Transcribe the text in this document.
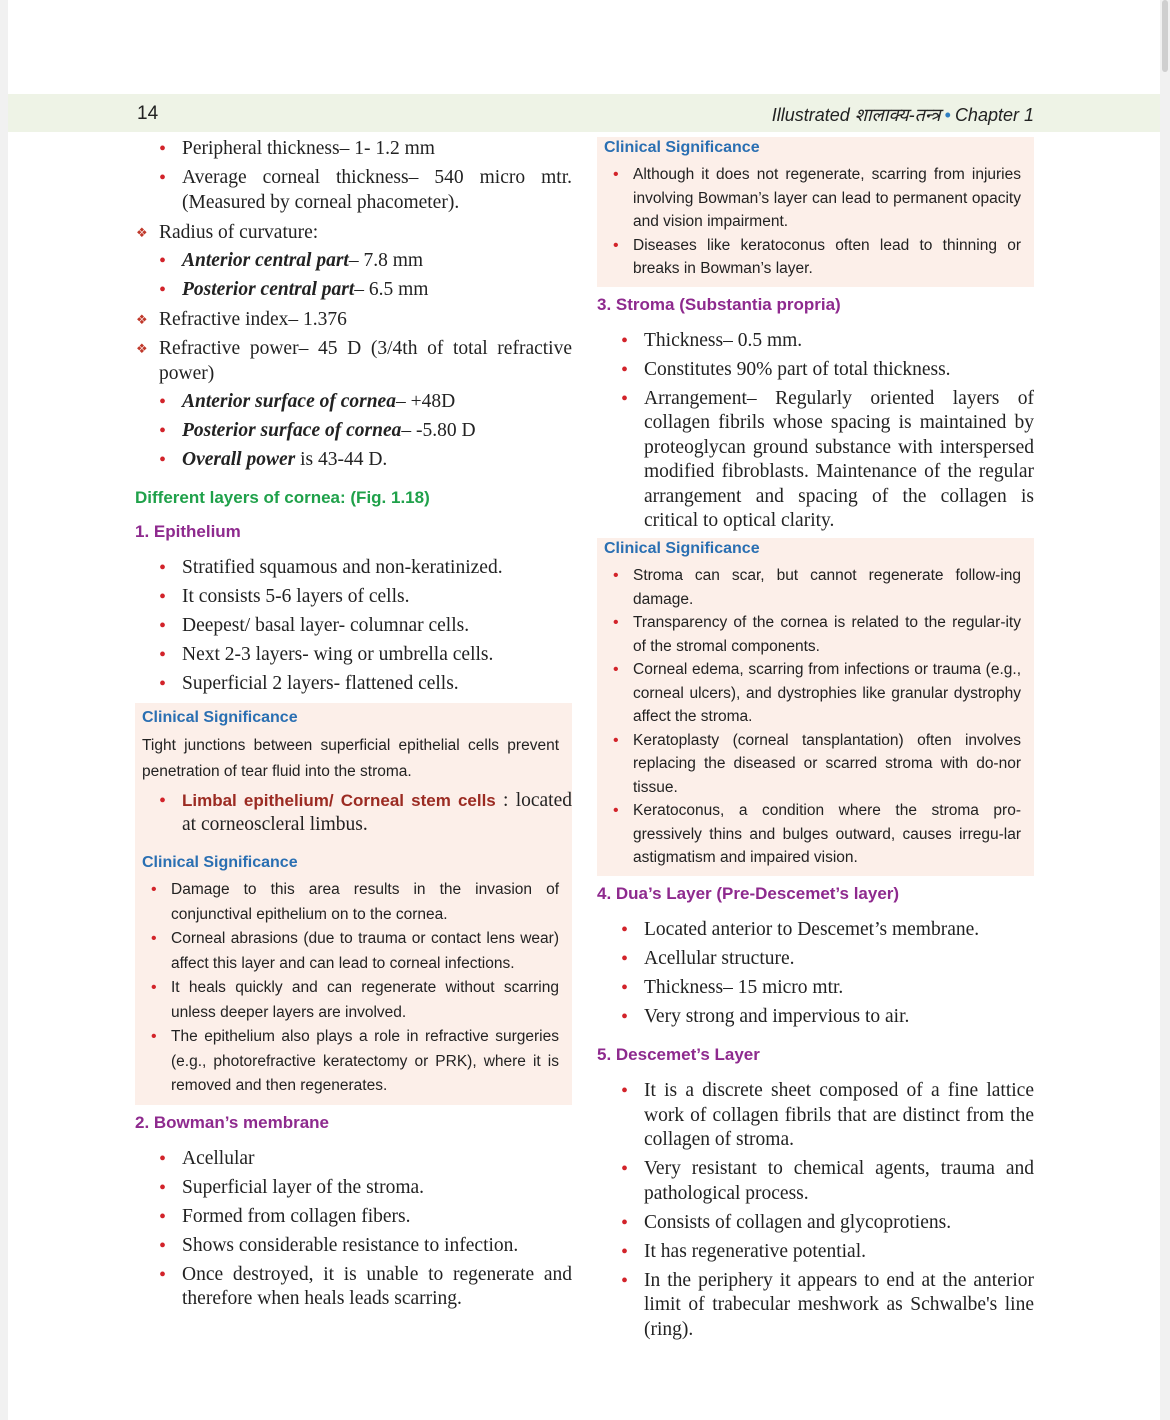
14	Illustrated शालाक्य-तन्त्र • Chapter 1
• Peripheral thickness– 1- 1.2 mm
• Average corneal thickness– 540 micro mtr. (Measured by corneal phacometer).
❖ Radius of curvature:
• Anterior central part– 7.8 mm
• Posterior central part– 6.5 mm
❖ Refractive index– 1.376
❖ Refractive power– 45 D (3/4th of total refractive power)
• Anterior surface of cornea– +48D
• Posterior surface of cornea– -5.80 D
• Overall power is 43-44 D.
Different layers of cornea: (Fig. 1.18)
1. Epithelium
• Stratified squamous and non-keratinized.
• It consists 5-6 layers of cells.
• Deepest/ basal layer- columnar cells.
• Next 2-3 layers- wing or umbrella cells.
• Superficial 2 layers- flattened cells.
Clinical Significance

Tight junctions between superficial epithelial cells prevent penetration of tear fluid into the stroma.

• Limbal epithelium/ Corneal stem cells : located at corneoscleral limbus.
Clinical Significance
• Damage to this area results in the invasion of conjunctival epithelium on to the cornea.
• Corneal abrasions (due to trauma or contact lens wear) affect this layer and can lead to corneal infections.
• It heals quickly and can regenerate without scarring unless deeper layers are involved.
• The epithelium also plays a role in refractive surgeries (e.g., photorefractive keratectomy or PRK), where it is removed and then regenerates.
2. Bowman’s membrane
• Acellular
• Superficial layer of the stroma.
• Formed from collagen fibers.
• Shows considerable resistance to infection.
• Once destroyed, it is unable to regenerate and therefore when heals leads scarring.
Clinical Significance
• Although it does not regenerate, scarring from injuries involving Bowman’s layer can lead to permanent opacity and vision impairment.
• Diseases like keratoconus often lead to thinning or breaks in Bowman’s layer.
3. Stroma (Substantia propria)
• Thickness– 0.5 mm.
• Constitutes 90% part of total thickness.
• Arrangement– Regularly oriented layers of collagen fibrils whose spacing is maintained by proteoglycan ground substance with interspersed modified fibroblasts. Maintenance of the regular arrangement and spacing of the collagen is critical to optical clarity.
Clinical Significance
• Stroma can scar, but cannot regenerate follow-ing damage.
• Transparency of the cornea is related to the regular-ity of the stromal components.
• Corneal edema, scarring from infections or trauma (e.g., corneal ulcers), and dystrophies like granular dystrophy affect the stroma.
• Keratoplasty (corneal tansplantation) often involves replacing the diseased or scarred stroma with do-nor tissue.
• Keratoconus, a condition where the stroma pro-gressively thins and bulges outward, causes irregu-lar astigmatism and impaired vision.
4. Dua’s Layer (Pre-Descemet’s layer)
• Located anterior to Descemet’s membrane.
• Acellular structure.
• Thickness– 15 micro mtr.
• Very strong and impervious to air.
5. Descemet’s Layer
• It is a discrete sheet composed of a fine lattice work of collagen fibrils that are distinct from the collagen of stroma.
• Very resistant to chemical agents, trauma and pathological process.
• Consists of collagen and glycoprotiens.
• It has regenerative potential.
• In the periphery it appears to end at the anterior limit of trabecular meshwork as Schwalbe's line (ring).
